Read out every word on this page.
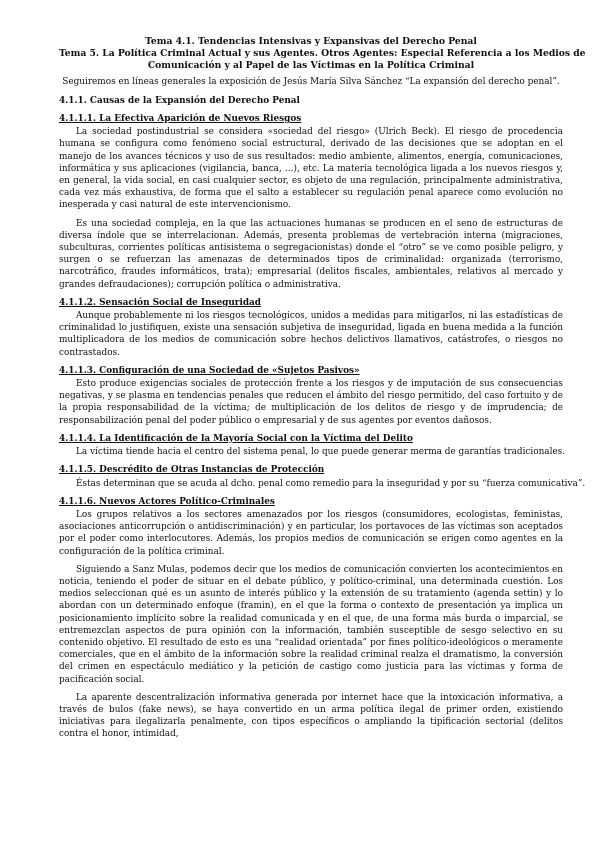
Tema 4.1. Tendencias Intensivas y Expansivas del Derecho Penal
Tema 5. La Política Criminal Actual y sus Agentes. Otros Agentes: Especial Referencia a los Medios de
Comunicación y al Papel de las Víctimas en la Política Criminal

Seguiremos en líneas generales la exposición de Jesús María Silva Sánchez “La expansión del derecho penal”.

4.1.1. Causas de la Expansión del Derecho Penal

4.1.1.1. La Efectiva Aparición de Nuevos Riesgos

La sociedad postindustrial se considera «sociedad del riesgo» (Ulrich Beck). El riesgo de procedencia humana se configura como fenómeno social estructural, derivado de las decisiones que se adoptan en el manejo de los avances técnicos y uso de sus resultados: medio ambiente, alimentos, energía, comunicaciones, informática y sus aplicaciones (vigilancia, banca, ...), etc. La materia tecnológica ligada a los nuevos riesgos y, en general, la vida social, en casi cualquier sector, es objeto de una regulación, principalmente administrativa, cada vez más exhaustiva, de forma que el salto a establecer su regulación penal aparece como evolución no inesperada y casi natural de este intervencionismo.

Es una sociedad compleja, en la que las actuaciones humanas se producen en el seno de estructuras de diversa índole que se interrelacionan. Además, presenta problemas de vertebración interna (migraciones, subculturas, corrientes políticas antisistema o segregacionistas) donde el “otro” se ve como posible peligro, y surgen o se refuerzan las amenazas de determinados tipos de criminalidad: organizada (terrorismo, narcotráfico, fraudes informáticos, trata); empresarial (delitos fiscales, ambientales, relativos al mercado y grandes defraudaciones); corrupción política o administrativa.

4.1.1.2. Sensación Social de Inseguridad

Aunque probablemente ni los riesgos tecnológicos, unidos a medidas para mitigarlos, ni las estadísticas de criminalidad lo justifiquen, existe una sensación subjetiva de inseguridad, ligada en buena medida a la función multiplicadora de los medios de comunicación sobre hechos delictivos llamativos, catástrofes, o riesgos no contrastados.

4.1.1.3. Configuración de una Sociedad de «Sujetos Pasivos»

Esto produce exigencias sociales de protección frente a los riesgos y de imputación de sus consecuencias negativas, y se plasma en tendencias penales que reducen el ámbito del riesgo permitido, del caso fortuito y de la propia responsabilidad de la víctima; de multiplicación de los delitos de riesgo y de imprudencia; de responsabilización penal del poder público o empresarial y de sus agentes por eventos dañosos.

4.1.1.4. La Identificación de la Mayoría Social con la Víctima del Delito

La víctima tiende hacia el centro del sistema penal, lo que puede generar merma de garantías tradicionales.

4.1.1.5. Descrédito de Otras Instancias de Protección

Éstas determinan que se acuda al dcho. penal como remedio para la inseguridad y por su “fuerza comunicativa”.

4.1.1.6. Nuevos Actores Político-Criminales

Los grupos relativos a los sectores amenazados por los riesgos (consumidores, ecologistas, feministas, asociaciones anticorrupción o antidiscriminación) y en particular, los portavoces de las víctimas son aceptados por el poder como interlocutores. Además, los propios medios de comunicación se erigen como agentes en la configuración de la política criminal.

Siguiendo a Sanz Mulas, podemos decir que los medios de comunicación convierten los acontecimientos en noticia, teniendo el poder de situar en el debate público, y político-criminal, una determinada cuestión. Los medios seleccionan qué es un asunto de interés público y la extensión de su tratamiento (agenda settin) y lo abordan con un determinado enfoque (framin), en el que la forma o contexto de presentación ya implica un posicionamiento implícito sobre la realidad comunicada y en el que, de una forma más burda o imparcial, se entremezclan aspectos de pura opinión con la información, también susceptible de sesgo selectivo en su contenido objetivo. El resultado de esto es una “realidad orientada” por fines político-ideológicos o meramente comerciales, que en el ámbito de la información sobre la realidad criminal realza el dramatismo, la conversión del crimen en espectáculo mediático y la petición de castigo como justicia para las víctimas y forma de pacificación social.

La aparente descentralización informativa generada por internet hace que la intoxicación informativa, a través de bulos (fake news), se haya convertido en un arma política ilegal de primer orden, existiendo iniciativas para ilegalizarla penalmente, con tipos específicos o ampliando la tipificación sectorial (delitos contra el honor, intimidad,
